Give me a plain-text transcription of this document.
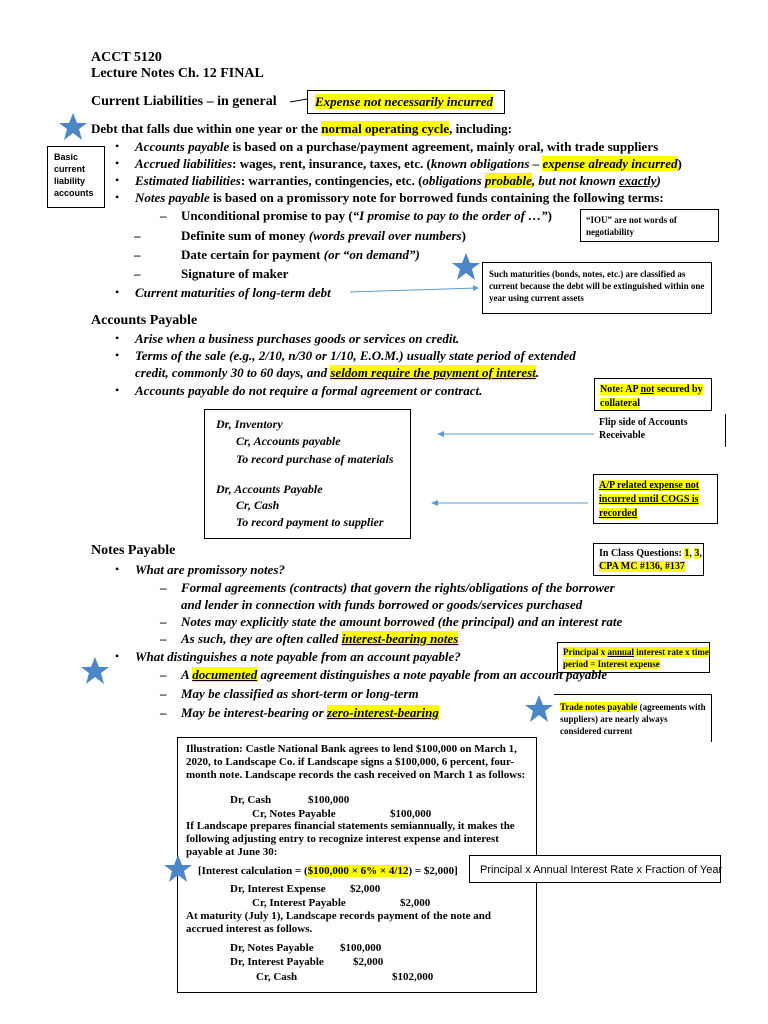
ACCT 5120
Lecture Notes Ch. 12 FINAL
Current Liabilities – in general	Expense not necessarily incurred
Debt that falls due within one year or the normal operating cycle, including:
Basic current liability accounts
• Accounts payable is based on a purchase/payment agreement, mainly oral, with trade suppliers
• Accrued liabilities: wages, rent, insurance, taxes, etc. (known obligations – expense already incurred)
• Estimated liabilities: warranties, contingencies, etc. (obligations probable, but not known exactly)
• Notes payable is based on a promissory note for borrowed funds containing the following terms:
– Unconditional promise to pay (“I promise to pay to the order of …”)	“IOU” are not words of negotiability
–	Definite sum of money (words prevail over numbers)
–	Date certain for payment (or “on demand”)
–	Signature of maker	Such maturities (bonds, notes, etc.) are classified as current because the debt will be extinguished within one year using current assets
• Current maturities of long-term debt
Accounts Payable
• Arise when a business purchases goods or services on credit.
• Terms of the sale (e.g., 2/10, n/30 or 1/10, E.O.M.) usually state period of extended
credit, commonly 30 to 60 days, and seldom require the payment of interest.
• Accounts payable do not require a formal agreement or contract.	Note: AP not secured by collateral
Flip side of Accounts Receivable
Dr, Inventory
Cr, Accounts payable
To record purchase of materials
Dr, Accounts Payable
Cr, Cash
To record payment to supplier
A/P related expense not incurred until COGS is recorded
Notes Payable	In Class Questions: 1, 3,
CPA MC #136, #137
• What are promissory notes?
– Formal agreements (contracts) that govern the rights/obligations of the borrower
and lender in connection with funds borrowed or goods/services purchased
– Notes may explicitly state the amount borrowed (the principal) and an interest rate
– As such, they are often called interest-bearing notes
Principal x annual interest rate x time period = Interest expense
• What distinguishes a note payable from an account payable?
– A documented agreement distinguishes a note payable from an account payable
– May be classified as short-term or long-term
– May be interest-bearing or zero-interest-bearing	Trade notes payable (agreements with suppliers) are nearly always considered current
Illustration: Castle National Bank agrees to lend $100,000 on March 1, 2020, to Landscape Co. if Landscape signs a $100,000, 6 percent, four-month note. Landscape records the cash received on March 1 as follows:
Dr, Cash	$100,000
Cr, Notes Payable	$100,000
If Landscape prepares financial statements semiannually, it makes the following adjusting entry to recognize interest expense and interest payable at June 30:
[Interest calculation = ($100,000 × 6% × 4/12) = $2,000]
Dr, Interest Expense $2,000
Cr, Interest Payable	$2,000
At maturity (July 1), Landscape records payment of the note and accrued interest as follows.
Dr, Notes Payable $100,000
Dr, Interest Payable	$2,000
Cr, Cash	$102,000
Principal x Annual Interest Rate x Fraction of Year
